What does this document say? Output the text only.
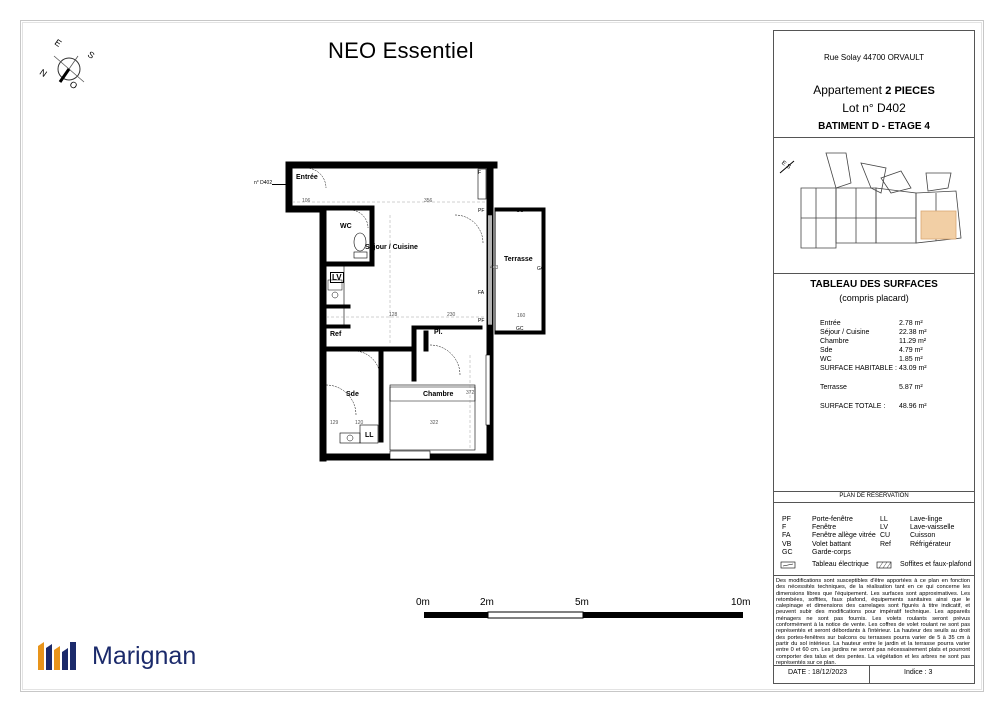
E
S
N
O
NEO Essentiel
n° D402
Entrée
WC
Séjour / Cuisine
Terrasse
Ref	Pl.
Sde	Chambre
LV
LL
106	356
160
230
128
372
322
403
129	120
PF
FA
PF
F
GC
GC
GC
0m	2m	5m	10m
Marignan
Rue Solay 44700 ORVAULT
Appartement 2 PIECES
Lot n° D402
BATIMENT D - ETAGE 4
E S
TABLEAU DES SURFACES
(compris placard)
PLAN DE RESERVATION
DATE : 18/12/2023	Indice : 3
Entrée	2.78 m²
Séjour / Cuisine	22.38 m²
Chambre	11.29 m²
Sde	4.79 m²
WC	1.85 m²
SURFACE HABITABLE : 43.09 m²
Terrasse	5.87 m²
SURFACE TOTALE : 48.96 m²
PF	Porte-fenêtre
F	Fenêtre
FA	Fenêtre allège vitrée
VB	Volet battant
GC	Garde-corps
LL	Lave-linge
LV	Lave-vaisselle
CU	Cuisson
Ref	Réfrigérateur
Tableau électrique	Soffites et faux-plafond
Des modifications sont susceptibles d'être apportées à ce plan en fonction des nécessités techniques, de la réalisation tant en ce qui concerne les dimensions libres que l'équipement. Les surfaces sont approximatives. Les retombées, soffites, faux plafond, équipements sanitaires ainsi que le calepinage et dimensions des carrelages sont figurés à titre indicatif, et peuvent subir des modifications pour impératif technique. Les appareils ménagers ne sont pas fournis. Les volets roulants seront prévus conformément à la notice de vente. Les coffres de volet roulant ne sont pas représentés et seront débordants à l'intérieur. La hauteur des seuils au droit des portes-fenêtres sur balcons ou terrasses pourra varier de 5 à 35 cm à partir du sol intérieur. La hauteur entre le jardin et la terrasse pourra varier entre 0 et 60 cm. Les jardins ne seront pas nécessairement plats et pourront comporter des talus et des pentes. La végétation et les arbres ne sont pas représentés sur ce plan.
